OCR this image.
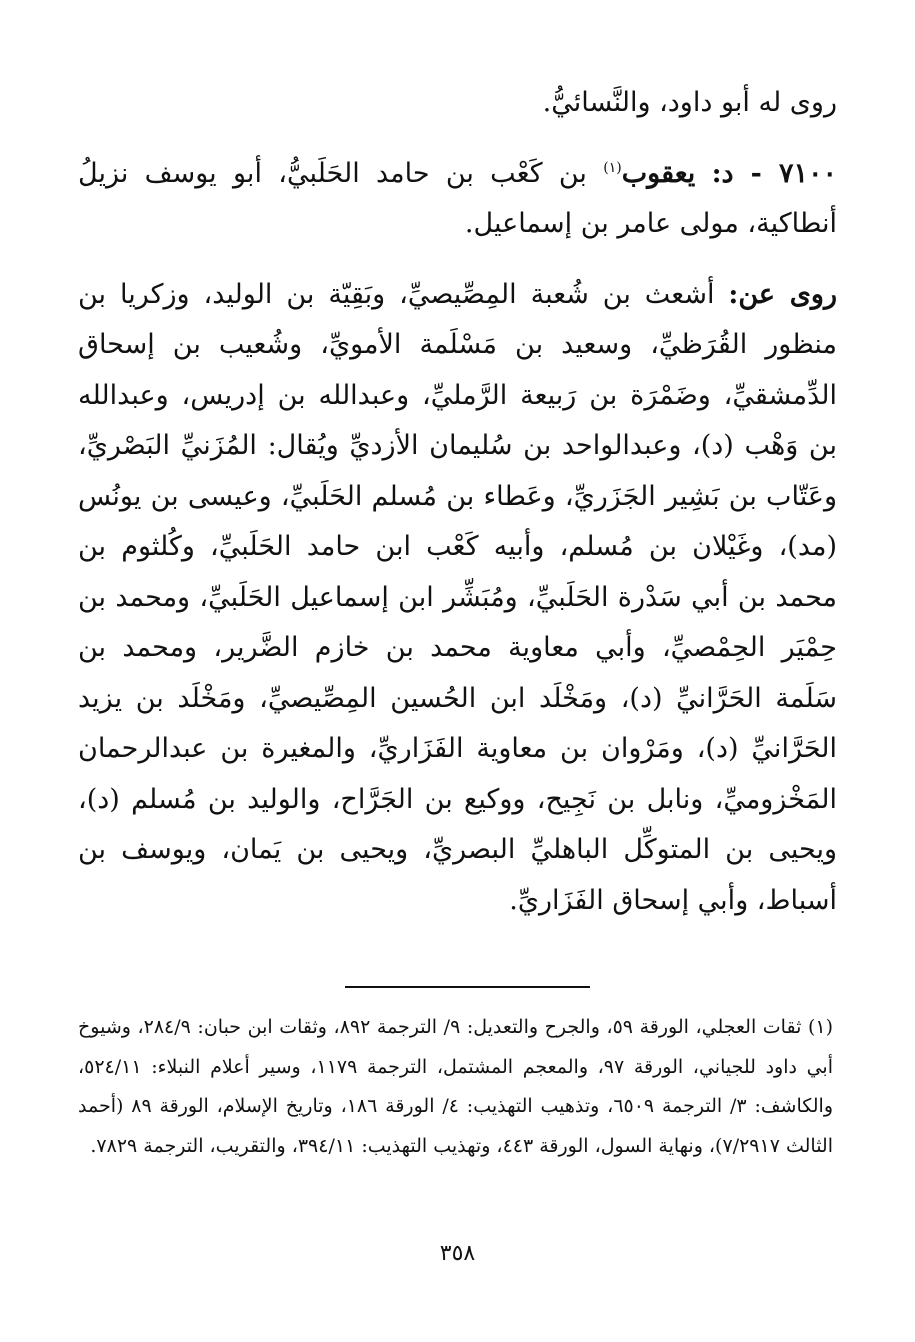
روى له أبو داود، والنَّسائيُّ.

٧١٠٠ - د: يعقوب$^{(١)}$ بن كَعْب بن حامد الحَلَبيُّ، أبو يوسف نزيلُ أنطاكية، مولى عامر بن إسماعيل.

روى عن: أشعث بن شُعبة المِصِّيصيِّ، وبَقِيّة بن الوليد، وزكريا بن منظور القُرَظيِّ، وسعيد بن مَسْلَمة الأمويِّ، وشُعيب بن إسحاق الدِّمشقيِّ، وضَمْرَة بن رَبيعة الرَّمليِّ، وعبدالله بن إدريس، وعبدالله بن وَهْب (د)، وعبدالواحد بن سُليمان الأزديِّ ويُقال: المُزَنيِّ البَصْريِّ، وعَتّاب بن بَشِير الجَزَريِّ، وعَطاء بن مُسلم الحَلَبيِّ، وعيسى بن يونُس (مد)، وغَيْلان بن مُسلم، وأبيه كَعْب ابن حامد الحَلَبيِّ، وكُلثوم بن محمد بن أبي سَدْرة الحَلَبيِّ، ومُبَشِّر ابن إسماعيل الحَلَبيِّ، ومحمد بن حِمْيَر الحِمْصيِّ، وأبي معاوية محمد بن خازم الضَّرير، ومحمد بن سَلَمة الحَرَّانيِّ (د)، ومَخْلَد ابن الحُسين المِصِّيصيِّ، ومَخْلَد بن يزيد الحَرَّانيِّ (د)، ومَرْوان بن معاوية الفَزَاريِّ، والمغيرة بن عبدالرحمان المَخْزوميِّ، ونابل بن نَجِيح، ووكيع بن الجَرَّاح، والوليد بن مُسلم (د)، ويحيى بن المتوكِّل الباهليِّ البصريِّ، ويحيى بن يَمان، ويوسف بن أسباط، وأبي إسحاق الفَزَاريِّ.

(١) ثقات العجلي، الورقة ٥٩، والجرح والتعديل: ٩/ الترجمة ٨٩٢، وثقات ابن حبان: ٢٨٤/٩، وشيوخ أبي داود للجياني، الورقة ٩٧، والمعجم المشتمل، الترجمة ١١٧٩، وسير أعلام النبلاء: ٥٢٤/١١، والكاشف: ٣/ الترجمة ٦٥٠٩، وتذهيب التهذيب: ٤/ الورقة ١٨٦، وتاريخ الإسلام، الورقة ٨٩ (أحمد الثالث ٧/٢٩١٧)، ونهاية السول، الورقة ٤٤٣، وتهذيب التهذيب: ٣٩٤/١١، والتقريب، الترجمة ٧٨٢٩.
٣٥٨
